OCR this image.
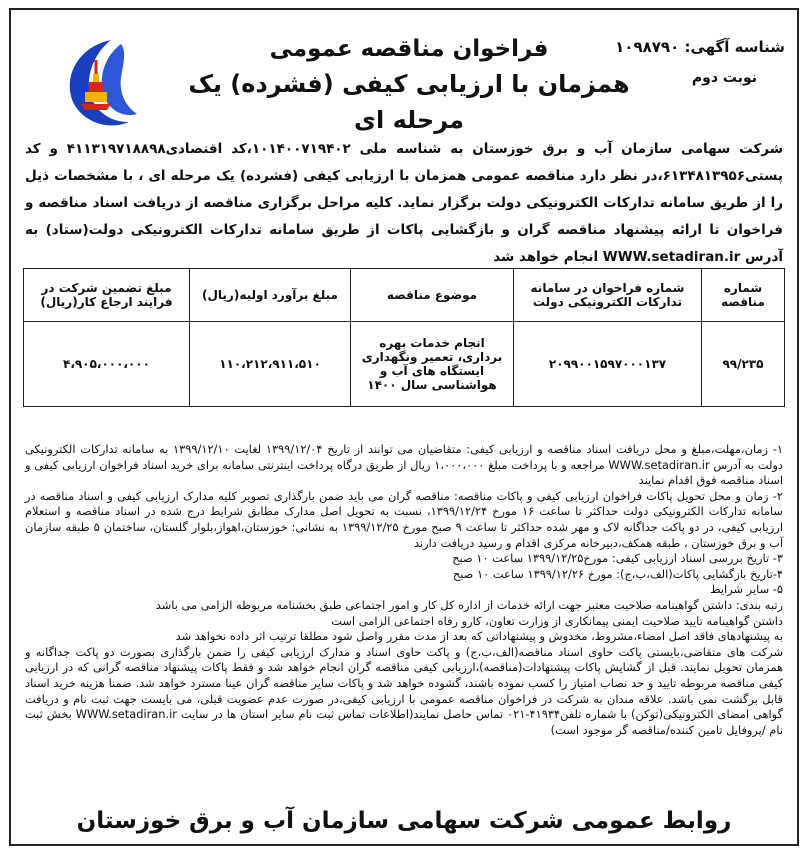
شناسه آگهی: ۱۰۹۸۷۹۰
نوبت دوم
فراخوان مناقصه عمومی
همزمان با ارزیابی کیفی (فشرده) یک مرحله ای
شرکت سهامی سازمان آب و برق خوزستان به شناسه ملی ۱۰۱۴۰۰۷۱۹۴۰۲،کد اقتصادی۴۱۱۳۱۹۷۱۸۸۹۸ و کد پستی۶۱۳۴۸۱۳۹۵۶،در نظر دارد مناقصه عمومی همزمان با ارزیابی کیفی (فشرده) یک مرحله ای ، با مشخصات ذیل را از طریق سامانه تدارکات الکترونیکی دولت برگزار نماید. کلیه مراحل برگزاری مناقصه از دریافت اسناد مناقصه و فراخوان تا ارائه پیشنهاد مناقصه گران و بازگشایی پاکات از طریق سامانه تدارکات الکترونیکی دولت(ستاد) به آدرس WWW.setadiran.ir انجام خواهد شد
شماره مناقصه	شماره فراخوان در سامانه تدارکات الکترونیکی دولت	موضوع مناقصه	مبلغ برآورد اولیه(ریال)	مبلغ تضمین شرکت در فرایند ارجاع کار(ریال)
۹۹/۲۳۵	۲۰۹۹۰۰۱۵۹۷۰۰۰۱۳۷	انجام خدمات بهره برداری، تعمیر ونگهداری ایستگاه های آب و هواشناسی سال ۱۴۰۰	۱۱۰،۲۱۲،۹۱۱،۵۱۰	۴،۹۰۵،۰۰۰،۰۰۰

۱- زمان،مهلت،مبلغ و محل دریافت اسناد مناقصه و ارزیابی کیفی: متقاضیان می توانند از تاریخ ۱۳۹۹/۱۲/۰۴ لغایت ۱۳۹۹/۱۲/۱۰ به سامانه تدارکات الکترونیکی دولت به آدرس WWW.setadiran.ir مراجعه و با پرداخت مبلغ ۱،۰۰۰،۰۰۰ ریال از طریق درگاه پرداخت اینترنتی سامانه برای خرید اسناد فراخوان ارزیابی کیفی و اسناد مناقصه فوق اقدام نمایند

۲- زمان و محل تحویل پاکات فراخوان ارزیابی کیفی و پاکات مناقصه: مناقصه گران می باید ضمن بارگذاری تصویر کلیه مدارک ارزیابی کیفی و اسناد مناقصه در سامانه تدارکات الکترونیکی دولت حداکثر تا ساعت ۱۶ مورخ ۱۳۹۹/۱۲/۲۴، نسبت به تحویل اصل مدارک مطابق شرایط درج شده در اسناد مناقصه و استعلام ارزیابی کیفی، در دو پاکت جداگانه لاک و مهر شده حداکثر تا ساعت ۹ صبح مورخ ۱۳۹۹/۱۲/۲۵ به نشانی: خوزستان،اهواز،بلوار گلستان، ساختمان ۵ طبقه سازمان آب و برق خوزستان ، طبقه همکف،دبیرخانه مرکزی اقدام و رسید دریافت دارند

۳- تاریخ بررسی اسناد ارزیابی کیفی: مورخ۱۳۹۹/۱۲/۲۵ ساعت ۱۰ صبح

۴-تاریخ بازگشایی پاکات(الف،ب،ج): مورخ ۱۳۹۹/۱۲/۲۶ ساعت ۱۰ صبح

۵- سایر شرایط

رتبه بندی: داشتن گواهینامه صلاحیت معتبر جهت ارائه خدمات از اداره کل کار و امور اجتماعی طبق بخشنامه مربوطه الزامی می باشد

داشتن گواهینامه تایید صلاحیت ایمنی پیمانکاری از وزارت تعاون، کارو رفاه اجتماعی الزامی است

به پیشنهادهای فاقد اصل امضاء،مشروط، مخدوش و پیشنهاداتی که بعد از مدت مقرر واصل شود مطلقا ترتیب اثر داده نخواهد شد

شرکت های متقاضی،بایستی پاکت حاوی اسناد مناقصه(الف،ب،ج) و پاکت حاوی اسناد و مدارک ارزیابی کیفی را ضمن بارگذاری بصورت دو پاکت جداگانه و همزمان تحویل نمایند. قبل از گشایش پاکات پیشنهادات(مناقصه)،ارزیابی کیفی مناقصه گران انجام خواهد شد و فقط پاکات پیشنهاد مناقصه گرانی که در ارزیابی کیفی مناقصه مربوطه تایید و حد نصاب امتیاز را کسب نموده باشند، گشوده خواهد شد و پاکات سایر مناقصه گران عینا مسترد خواهد شد. ضمنا هزینه خرید اسناد قابل برگشت نمی باشد. علاقه مندان به شرکت در فراخوان مناقصه عمومی با ارزیابی کیفی،در صورت عدم عضویت قبلی، می بایست جهت ثبت نام و دریافت گواهی امضای الکترونیکی(توکن) با شماره تلفن۴۱۹۳۴-۰۲۱ تماس حاصل نمایند(اطلاعات تماس ثبت نام سایر استان ها در سایت WWW.setadiran.ir بخش ثبت نام /پروفایل تامین کننده/مناقصه گر موجود است)

روابط عمومی شرکت سهامی سازمان آب و برق خوزستان
